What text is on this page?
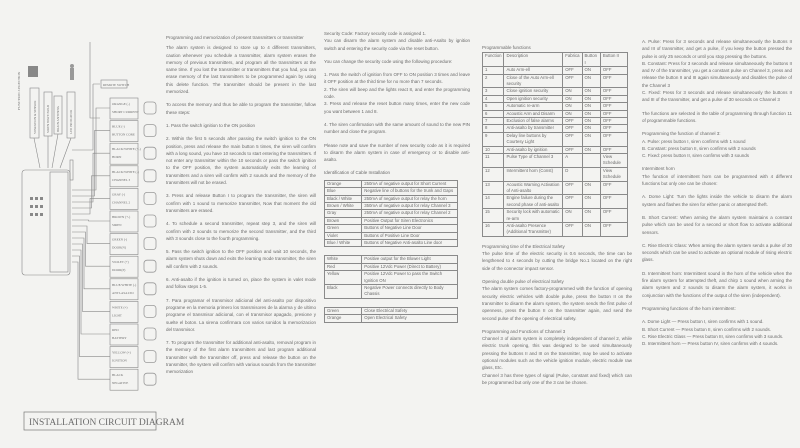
FUNCTION 3 ELECTION
VIBRATION & SENSOR	SIREN WAVE BULB BRAIN ANTENNA	LED INDICATOR
REMOTE SWITCH
ORANGE (-)
SHORT CURRENT
BLUE (-)
BUTTON CORE
BLACK/WHITE (+-)
HORN
BLACK/WHITE (-)
CHANNEL 3
GRAY (-)
CHANNEL 2
BROWN (+-)
SIREN
GREEN (-)
DOOR(N)
VIOLET (+)
DOOR(P)
BLUE/WHITE (-)
ANTI-ASALTO
WHITE (+)
LIGHT
RED
BATTERY
YELLOW (+)
IGNITION
BLACK
NEGATIVE
INSTALLATION CIRCUIT DIAGRAM

Programming and memorization of present transmitters or transmitter

The alarm system is designed to store up to 4 different transmitters, caution whenever you schedule a transmitter, alarm system erases the memory of previous transmitters, and program all the transmitters at the same time. If you lost the transmitter or transmitters that you had, you can erase memory of the last transmitters to be programmed again by using this delete function. The transmitter should be present in the last memorized.

To access the memory and thus be able to program the transmitter, follow these steps:

1. Pass the switch ignition to the ON position

2. Within the first 5 seconds after passing the switch ignition to the ON position, press and release the main button 5 times, the siren will confirm with a long sound, you have 10 seconds to start entering the transmitters. If not enter any transmitter within the 10 seconds or pass the switch ignition to the OFF position, the system automatically exits the learning of transmitters and a siren will confirm with 2 sounds and the memory of the transmitters will not be erased.

3. Press and release Button I to program the transmitter, the siren will confirm with 1 sound to memorize transmitter, Now that moment the old transmitters are erased.

4. To schedule a second transmitter, repeat step 3, and the siren will confirm with 2 sounds to memorize the second transmitter, and the third with 3 sounds close to the fourth programming.

5. Pass the switch ignition to the OFF position and wait 10 seconds, the alarm system shuts down and exits the learning mode transmitter, the siren will confirm with 2 sounds.

6. Anti-asalto if the ignition is turned on, place the system in valet mode and follow steps 1-5.

7. Para programar el transmisor adicional del anti-asalto por dispositivo programe en la memoria primero los transmisores de la alarma y de ultimo programe el transmisor adicional, con el transmisor apagado, presione y suelte el boton. La sirena confirmara con varios sonidos la memorizacion del transmisor.

7. To program the transmitter for additional anti-asalto, removal program in the memory of the first alarm transmitters and last program additional transmitter with the transmitter off, press and release the button on the transmitter, the system will confirm with various sounds from the transmitter memorization

Security Code: Factory security code is assigned 1.
You can disarm the alarm system and disable anti-Asalto by ignition switch and entering the security code via the reset button.

You can change the security code using the following procedure:

1. Pass the switch of ignition from OFF to ON position 3 times and leave it OFF position at the third time for no more than 7 seconds.
2. The siren will beep and the lights react 8, and enter the programming code.
3. Press and release the reset button many times, enter the new code you want between 1 and 8.

4. The siren confirmation with the same amount of sound to the new PIN number and close the program.

Please note and save the number of new security code as it is required to disarm the alarm system in case of emergency or to disable anti-asalto.

Identification of Cable Installation

Orange	250mA of negative output for Short Current
Blue	Negative line of buttons for the trunk and Gaps
Black / White	250mA of negative output for relay the horn
Brown / White	350mA of negative output for relay Channel 3
Gray	250mA of negative output for relay Channel 2
Brown	Positive Output for Siren Electronics
Green	Buttons of Negative Line Door
Violet	Buttons of Positive Line Door
Blue / White	Buttons of Negative Anti-asalto Line door
White	Positive output for the Blower Light
Red	Positive 12Vdc Power (Direct to Battery)
Yellow	Positive 12Vdc Power to pass the Switch Ignition ON
Black	Negative Power connects directly to Body Chassis
Green	Close Electrical Safety
Orange	Open Electrical Safety

Programmable functions

Function	Description	Fabrica	Button I	Button II
1	Auto Arm-ell	OFF	ON	OFF
2	Close of the Auto Arm-ell security	OFF	ON	OFF
3	Close ignition security	ON	ON	OFF
4	Open ignition security	ON	ON	OFF
5	Automatic re-arm	ON	ON	OFF
6	Acoustic Arm and Disarm	ON	ON	OFF
7	Exclusion of false alarms	OFF	ON	OFF
8	Anti-asalto by transmitter	OFF	ON	OFF
9	Delay line buttons by Courtesy Light	OFF	ON	OFF
10	Anti-asalto by ignition	OFF	ON	OFF
11	Pulse Type of Channel 3	A		View Schedule
12	Intermittent horn (Const)	D		View Schedule
13	Acoustic Warning Activation of Anti-asalto	OFF	ON	OFF
14	Engine failure during the second phase of anti-asalto	OFF	ON	OFF
15	Security lock with automatic re-arm	ON	ON	OFF
16	Anti-asalto Presence (Additional Transmitter)	OFF	ON	OFF

Programming time of the Electrical Safety

The pulse time of the electric security is 0.6 seconds, the time can be lengthened to 4 seconds by cutting the bridge No.1 located on the right side of the connector impact sensor.

Opening double pulse of electrical Safety

The alarm system comes factory-programmed with the function of opening security electric vehicles with double pulse, press the button II on the transmitter to disarm the alarm system, the system sends the first pulse of openness, press the button II on the transmitter again, and send the second pulse of the opening of electrical safety.

Programming and Functions of Channel 3

Channel 3 of alarm system is completely independent of channel 2, while electric trunk opening, this was designed to be used simultaneously pressing the buttons II and III on the transmitter, may be used to activate optional modules such as the vehicle ignition module, electric module raw glass, Etc.
Channel 3 has three types of signal (Pulse, constant and fixed) which can be programmed but only one of the 3 can be chosen.

A. Pulse: Press for 3 seconds and release simultaneously the buttons II and III of transmitter, and get a pulse, if you keep the button pressed the pulse is only 25 seconds or until you stop pressing the buttons.
B. Constant: Press for 3 seconds and release simultaneously the buttons II and IV of the transmitter, you get a constant pulse on Channel 3, press and release the button II and III again simultaneously and disables the pulse of the Channel 3
C. Fixed: Press for 3 seconds and release simultaneously the buttons II and III of the transmitter, and get a pulse of 30 seconds on Channel 3

The functions are selected in the table of programming through function 11 of programmable functions.

Programming the function of channel 3:
A. Pulse: press button I, siren confirms with 1 sound
B. Constant: press button II, siren confirms with 2 sounds
C. Fixed: press button II, siren confirms with 3 sounds

Intermittent horn
The function of intermittent horn can be programmed with 4 different functions but only one can be chosen:

A. Dome Light: Turn the lights inside the vehicle to disarm the alarm system and flashes the siren for either panic or attempted theft.

B. Short Current: When arming the alarm system maintains a constant pulse which can be used for a second or short flow to activate additional sensors.

C. Rise Electric Glass: When arming the alarm system sends a pulse of 30 seconds which can be used to activate an optional module of rising electric glass.

D. Intermittent horn: Intermittent sound in the horn of the vehicle when the fire alarm system for attempted theft, and chirp 1 sound when arming the alarm system and 2 sounds to disarm the alarm system, it works in conjunction with the functions of the output of the siren (independent).

Programming functions of the horn intermittent:

A. Dome Light — Press button I, siren confirms with 1 sound.
B. Short Current — Press button II, siren confirms with 2 sounds.
C. Rise Electric Glass — Press button III, siren confirms with 3 sounds.
D. Intermittent horn — Press button IV, siren confirms with 4 sounds.
